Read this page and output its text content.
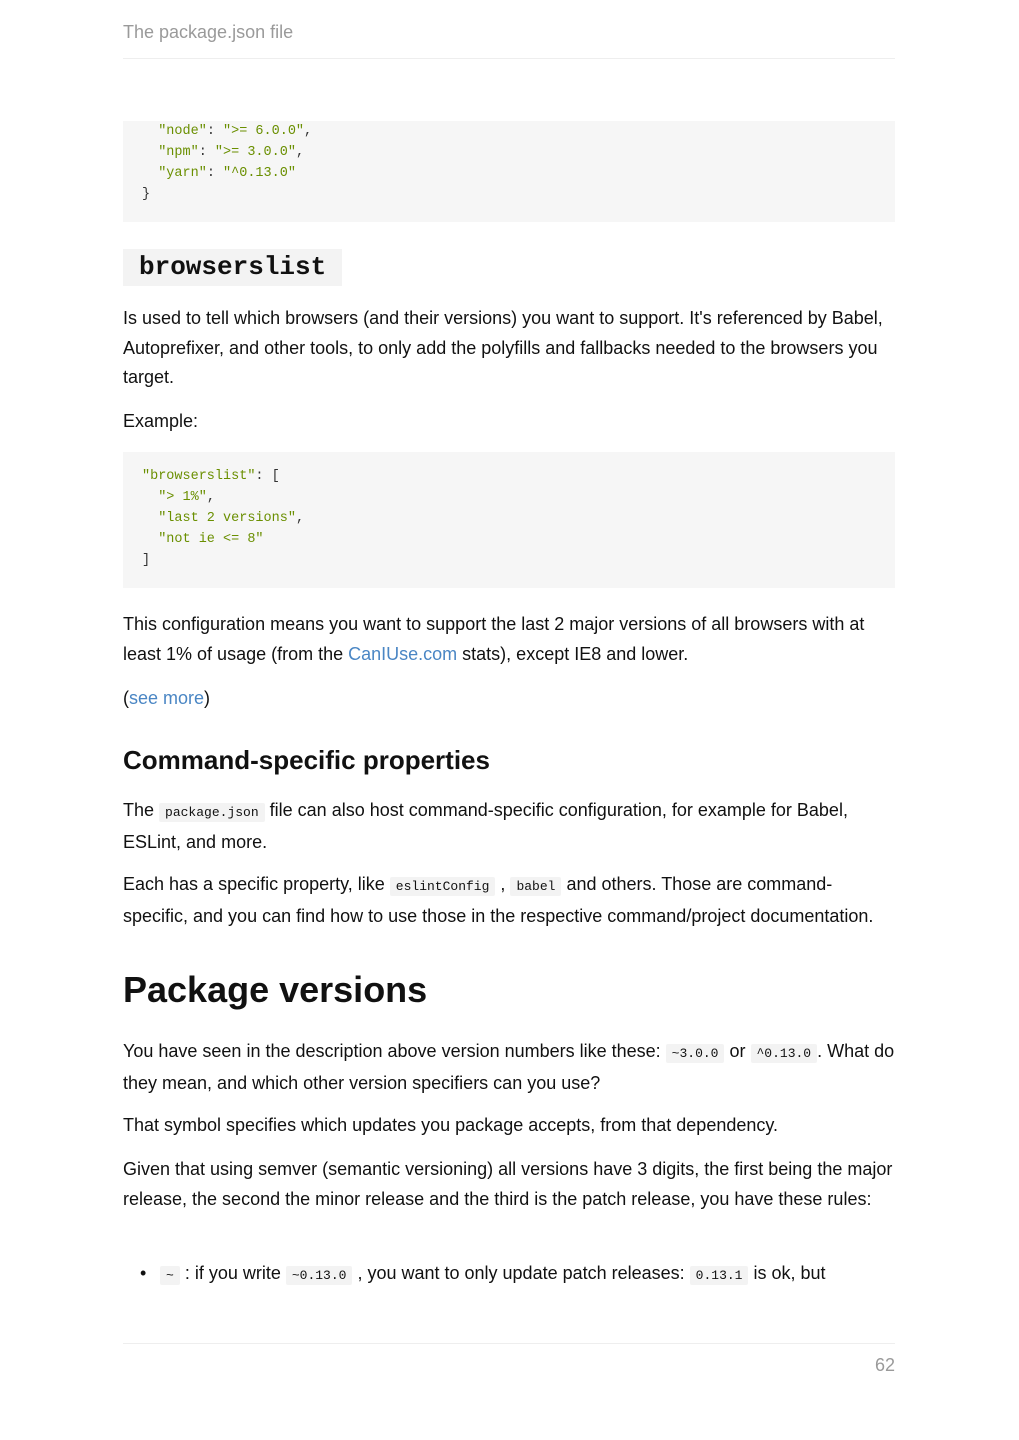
The package.json file
"node": ">= 6.0.0",
"npm": ">= 3.0.0",
"yarn": "^0.13.0"
}
browserslist

Is used to tell which browsers (and their versions) you want to support. It's referenced by Babel, Autoprefixer, and other tools, to only add the polyfills and fallbacks needed to the browsers you target.

Example:

"browserslist": [
"> 1%",
"last 2 versions",
"not ie <= 8"
]

This configuration means you want to support the last 2 major versions of all browsers with at least 1% of usage (from the CanIUse.com stats), except IE8 and lower.

(see more)

Command-specific properties

The package.json file can also host command-specific configuration, for example for Babel, ESLint, and more.

Each has a specific property, like eslintConfig , babel and others. Those are command-specific, and you can find how to use those in the respective command/project documentation.

Package versions

You have seen in the description above version numbers like these: ~3.0.0 or ^0.13.0 . What do they mean, and which other version specifiers can you use?

That symbol specifies which updates you package accepts, from that dependency.

Given that using semver (semantic versioning) all versions have 3 digits, the first being the major release, the second the minor release and the third is the patch release, you have these rules:

• ~ : if you write ~0.13.0 , you want to only update patch releases: 0.13.1 is ok, but
62
